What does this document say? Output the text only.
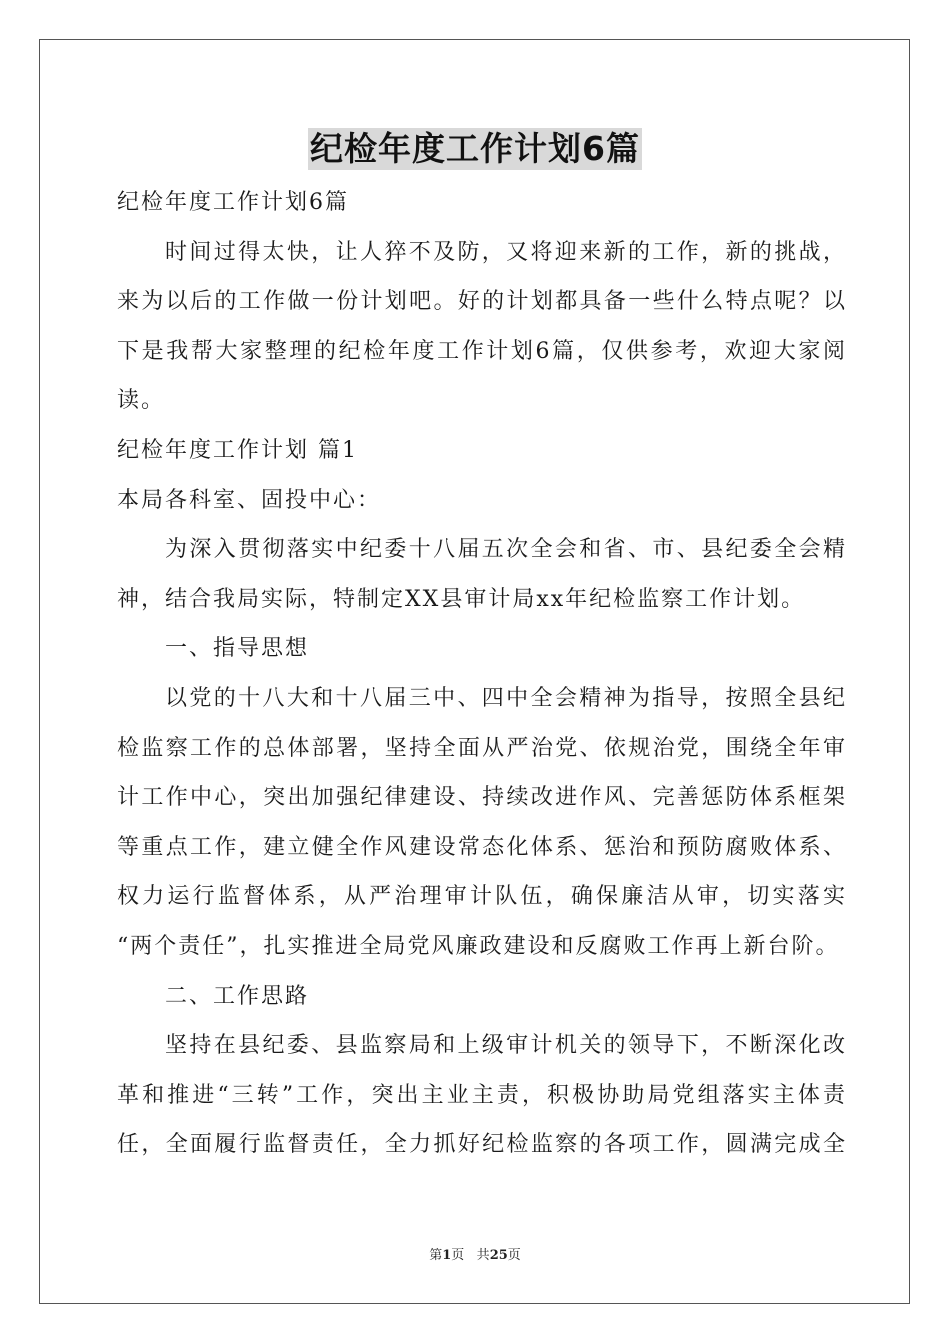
纪检年度工作计划6篇
纪检年度工作计划6篇
时间过得太快，让人猝不及防，又将迎来新的工作，新的挑战，
来为以后的工作做一份计划吧。好的计划都具备一些什么特点呢？以
下是我帮大家整理的纪检年度工作计划6篇，仅供参考，欢迎大家阅
读。
纪检年度工作计划 篇1
本局各科室、固投中心：
为深入贯彻落实中纪委十八届五次全会和省、市、县纪委全会精
神，结合我局实际，特制定XX县审计局xx年纪检监察工作计划。
一、指导思想
以党的十八大和十八届三中、四中全会精神为指导，按照全县纪
检监察工作的总体部署，坚持全面从严治党、依规治党，围绕全年审
计工作中心，突出加强纪律建设、持续改进作风、完善惩防体系框架
等重点工作，建立健全作风建设常态化体系、惩治和预防腐败体系、
权力运行监督体系，从严治理审计队伍，确保廉洁从审，切实落实
“两个责任”，扎实推进全局党风廉政建设和反腐败工作再上新台阶。
二、工作思路
坚持在县纪委、县监察局和上级审计机关的领导下，不断深化改
革和推进“三转”工作，突出主业主责，积极协助局党组落实主体责
任，全面履行监督责任，全力抓好纪检监察的各项工作，圆满完成全
第1页 共25页
